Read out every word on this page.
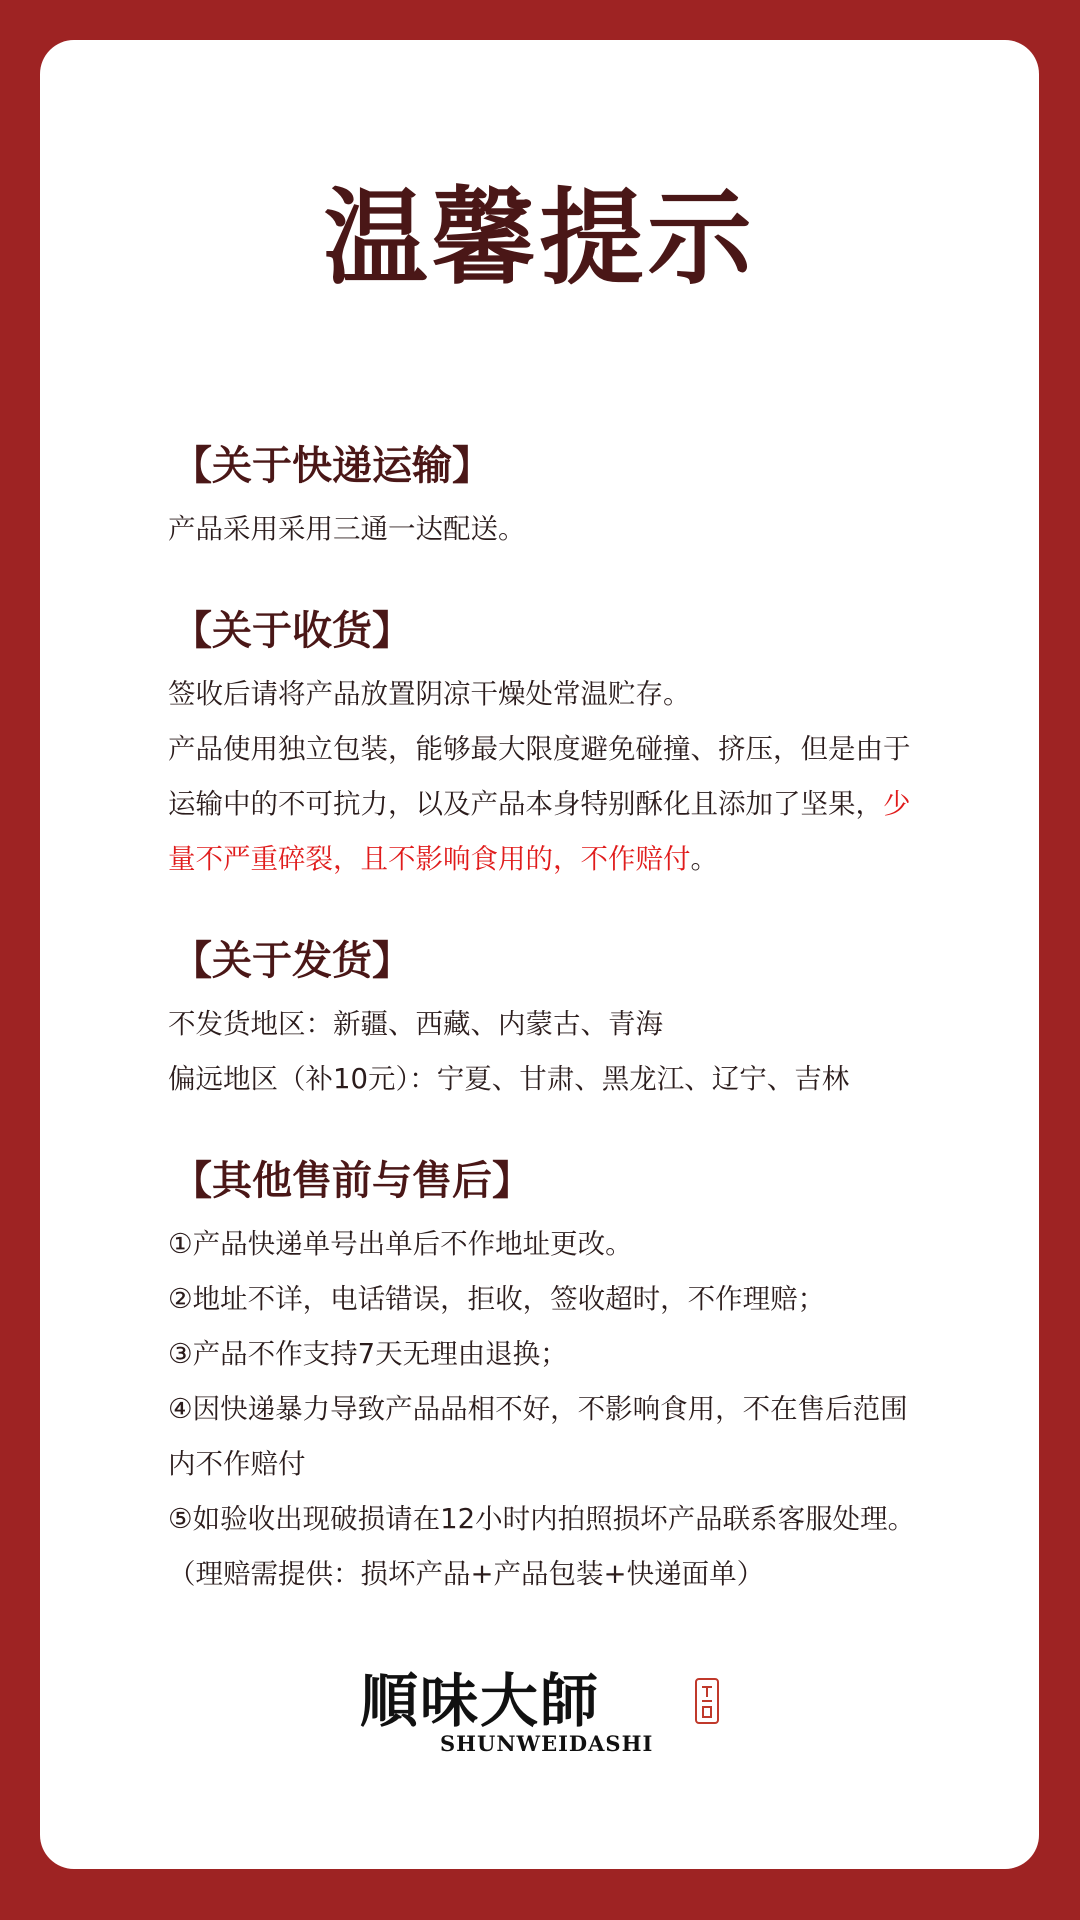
温馨提示
【关于快递运输】
产品采用采用三通一达配送。
【关于收货】
签收后请将产品放置阴凉干燥处常温贮存。
产品使用独立包装，能够最大限度避免碰撞、挤压，但是由于
运输中的不可抗力，以及产品本身特别酥化且添加了坚果，少
量不严重碎裂，且不影响食用的，不作赔付。
【关于发货】
不发货地区：新疆、西藏、内蒙古、青海
偏远地区（补10元）：宁夏、甘肃、黑龙江、辽宁、吉林
【其他售前与售后】
①产品快递单号出单后不作地址更改。
②地址不详，电话错误，拒收，签收超时，不作理赔；
③产品不作支持7天无理由退换；
④因快递暴力导致产品品相不好，不影响食用，不在售后范围
内不作赔付
⑤如验收出现破损请在12小时内拍照损坏产品联系客服处理。
（理赔需提供：损坏产品+产品包装+快递面单）
順味大師
SHUNWEIDASHI
